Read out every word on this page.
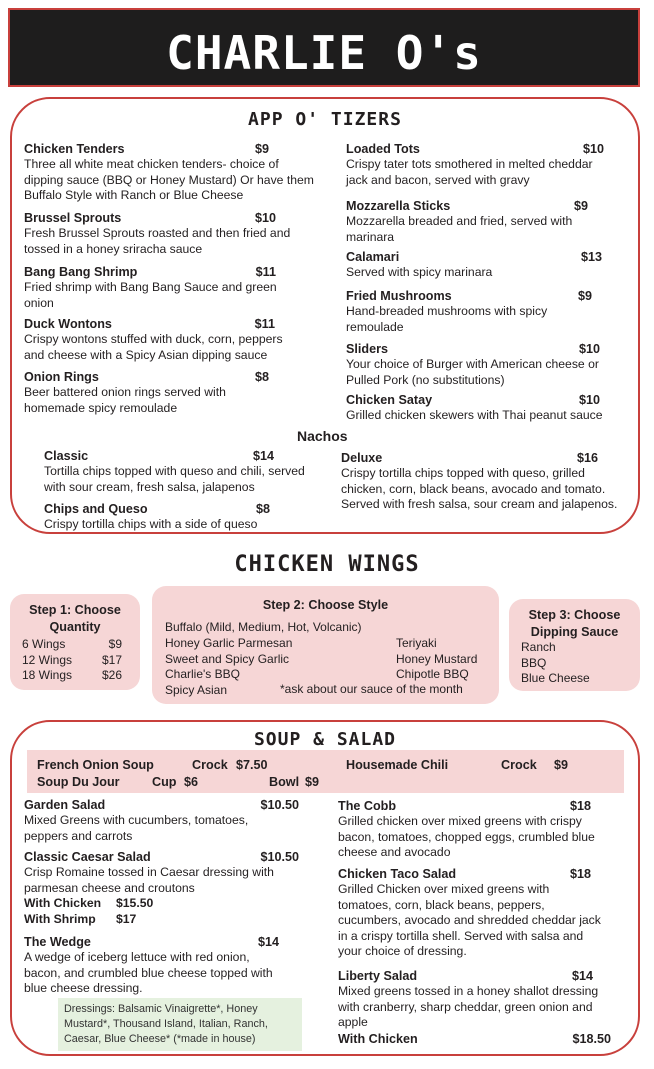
CHARLIE O's
APP O' TIZERS
Chicken Tenders	$9
Three all white meat chicken tenders- choice of dipping sauce (BBQ or Honey Mustard) Or have them Buffalo Style with Ranch or Blue Cheese
Brussel Sprouts	$10
Fresh Brussel Sprouts roasted and then fried and tossed in a honey sriracha sauce
Bang Bang Shrimp	$11
Fried shrimp with Bang Bang Sauce and green onion
Duck Wontons	$11
Crispy wontons stuffed with duck, corn, peppers and cheese with a Spicy Asian dipping sauce
Onion Rings	$8
Beer battered onion rings served with homemade spicy remoulade
Loaded Tots	$10
Crispy tater tots smothered in melted cheddar jack and bacon, served with gravy
Mozzarella Sticks	$9
Mozzarella breaded and fried, served with marinara
Calamari	$13
Served with spicy marinara
Fried Mushrooms	$9
Hand-breaded mushrooms with spicy remoulade
Sliders	$10
Your choice of Burger with American cheese or Pulled Pork (no substitutions)
Chicken Satay	$10
Grilled chicken skewers with Thai peanut sauce
Nachos
Classic	$14
Tortilla chips topped with queso and chili, served with sour cream, fresh salsa, jalapenos
Chips and Queso	$8
Crispy tortilla chips with a side of queso
Deluxe	$16
Crispy tortilla chips topped with queso, grilled chicken, corn, black beans, avocado and tomato. Served with fresh salsa, sour cream and jalapenos.
CHICKEN WINGS
Step 1: Choose Quantity
6 Wings	$9
12 Wings $17
18 Wings $26
Step 2: Choose Style
Buffalo (Mild, Medium, Hot, Volcanic)
Honey Garlic Parmesan
Sweet and Spicy Garlic
Charlie's BBQ
Spicy Asian
Teriyaki
Honey Mustard
Chipotle BBQ
*ask about our sauce of the month
Step 3: Choose Dipping Sauce
Ranch
BBQ
Blue Cheese
SOUP & SALAD
French Onion Soup	Crock $7.50	Housemade Chili	Crock $9
Soup Du Jour	Cup $6	Bowl $9
Garden Salad	$10.50
Mixed Greens with cucumbers, tomatoes, peppers and carrots
Classic Caesar Salad	$10.50
Crisp Romaine tossed in Caesar dressing with parmesan cheese and croutons
With Chicken	$15.50
With Shrimp	$17
The Wedge	$14
A wedge of iceberg lettuce with red onion, bacon, and crumbled blue cheese topped with blue cheese dressing.
Dressings: Balsamic Vinaigrette*, Honey Mustard*, Thousand Island, Italian, Ranch, Caesar, Blue Cheese* (*made in house)
The Cobb	$18
Grilled chicken over mixed greens with crispy bacon, tomatoes, chopped eggs, crumbled blue cheese and avocado
Chicken Taco Salad	$18
Grilled Chicken over mixed greens with tomatoes, corn, black beans, peppers, cucumbers, avocado and shredded cheddar jack in a crispy tortilla shell. Served with salsa and your choice of dressing.
Liberty Salad	$14
Mixed greens tossed in a honey shallot dressing with cranberry, sharp cheddar, green onion and apple
With Chicken	$18.50
